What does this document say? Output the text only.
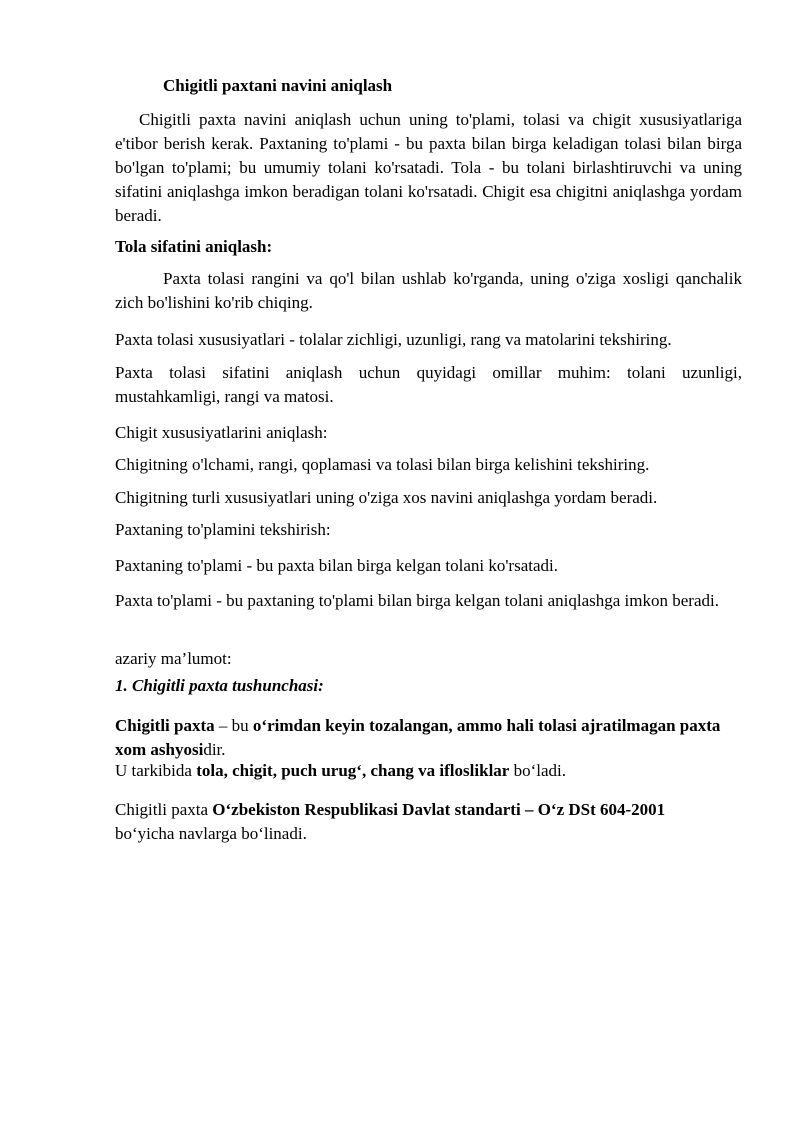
Chigitli paxtani navini aniqlash

Chigitli paxta navini aniqlash uchun uning to'plami, tolasi va chigit xususiyatlariga e'tibor berish kerak. Paxtaning to'plami - bu paxta bilan birga keladigan tolasi bilan birga bo'lgan to'plami; bu umumiy tolani ko'rsatadi. Tola - bu tolani birlashtiruvchi va uning sifatini aniqlashga imkon beradigan tolani ko'rsatadi. Chigit esa chigitni aniqlashga yordam beradi.

Tola sifatini aniqlash:

Paxta tolasi rangini va qo'l bilan ushlab ko'rganda, uning o'ziga xosligi qanchalik zich bo'lishini ko'rib chiqing.

Paxta tolasi xususiyatlari - tolalar zichligi, uzunligi, rang va matolarini tekshiring.

Paxta tolasi sifatini aniqlash uchun quyidagi omillar muhim: tolani uzunligi, mustahkamligi, rangi va matosi.

Chigit xususiyatlarini aniqlash:

Chigitning o'lchami, rangi, qoplamasi va tolasi bilan birga kelishini tekshiring.

Chigitning turli xususiyatlari uning o'ziga xos navini aniqlashga yordam beradi.

Paxtaning to'plamini tekshirish:

Paxtaning to'plami - bu paxta bilan birga kelgan tolani ko'rsatadi.

Paxta to'plami - bu paxtaning to'plami bilan birga kelgan tolani aniqlashga imkon beradi.

azariy ma’lumot:

1. Chigitli paxta tushunchasi:

Chigitli paxta – bu o‘rimdan keyin tozalangan, ammo hali tolasi ajratilmagan paxta xom ashyosidir.

U tarkibida tola, chigit, puch urug‘, chang va iflosliklar bo‘ladi.

Chigitli paxta O‘zbekiston Respublikasi Davlat standarti – O‘z DSt 604-2001
bo‘yicha navlarga bo‘linadi.
